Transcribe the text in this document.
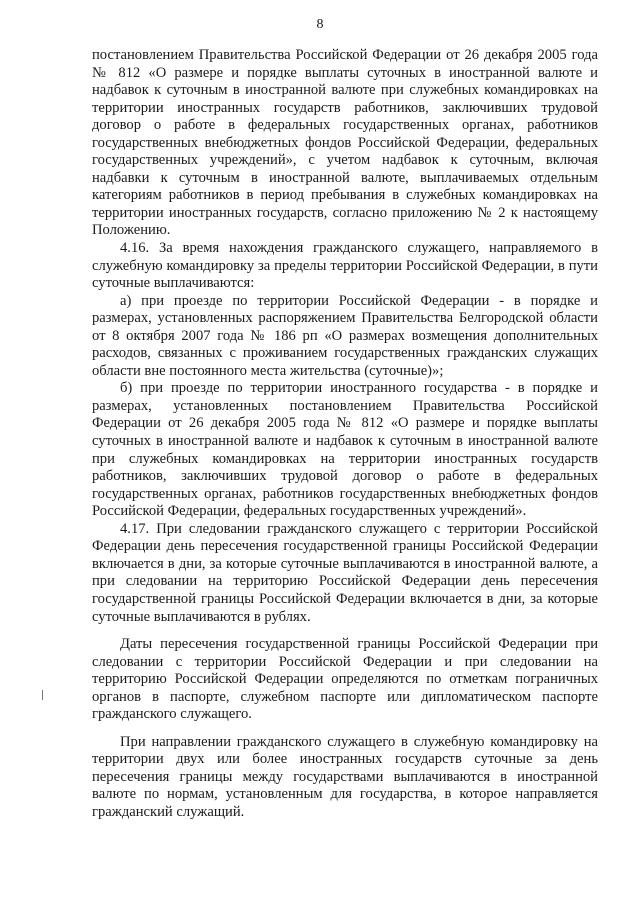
8

постановлением Правительства Российской Федерации от 26 декабря 2005 года № 812 «О размере и порядке выплаты суточных в иностранной валюте и надбавок к суточным в иностранной валюте при служебных командировках на территории иностранных государств работников, заключивших трудовой договор о работе в федеральных государственных органах, работников государственных внебюджетных фондов Российской Федерации, федеральных государственных учреждений», с учетом надбавок к суточным, включая надбавки к суточным в иностранной валюте, выплачиваемых отдельным категориям работников в период пребывания в служебных командировках на территории иностранных государств, согласно приложению № 2 к настоящему Положению.

4.16. За время нахождения гражданского служащего, направляемого в служебную командировку за пределы территории Российской Федерации, в пути суточные выплачиваются:

а) при проезде по территории Российской Федерации - в порядке и размерах, установленных распоряжением Правительства Белгородской области от 8 октября 2007 года № 186 рп «О размерах возмещения дополнительных расходов, связанных с проживанием государственных гражданских служащих области вне постоянного места жительства (суточные)»;

б) при проезде по территории иностранного государства - в порядке и размерах, установленных постановлением Правительства Российской Федерации от 26 декабря 2005 года № 812 «О размере и порядке выплаты суточных в иностранной валюте и надбавок к суточным в иностранной валюте при служебных командировках на территории иностранных государств работников, заключивших трудовой договор о работе в федеральных государственных органах, работников государственных внебюджетных фондов Российской Федерации, федеральных государственных учреждений».

4.17. При следовании гражданского служащего с территории Российской Федерации день пересечения государственной границы Российской Федерации включается в дни, за которые суточные выплачиваются в иностранной валюте, а при следовании на территорию Российской Федерации день пересечения государственной границы Российской Федерации включается в дни, за которые суточные выплачиваются в рублях.

Даты пересечения государственной границы Российской Федерации при следовании с территории Российской Федерации и при следовании на территорию Российской Федерации определяются по отметкам пограничных органов в паспорте, служебном паспорте или дипломатическом паспорте гражданского служащего.

При направлении гражданского служащего в служебную командировку на территории двух или более иностранных государств суточные за день пересечения границы между государствами выплачиваются в иностранной валюте по нормам, установленным для государства, в которое направляется гражданский служащий.
